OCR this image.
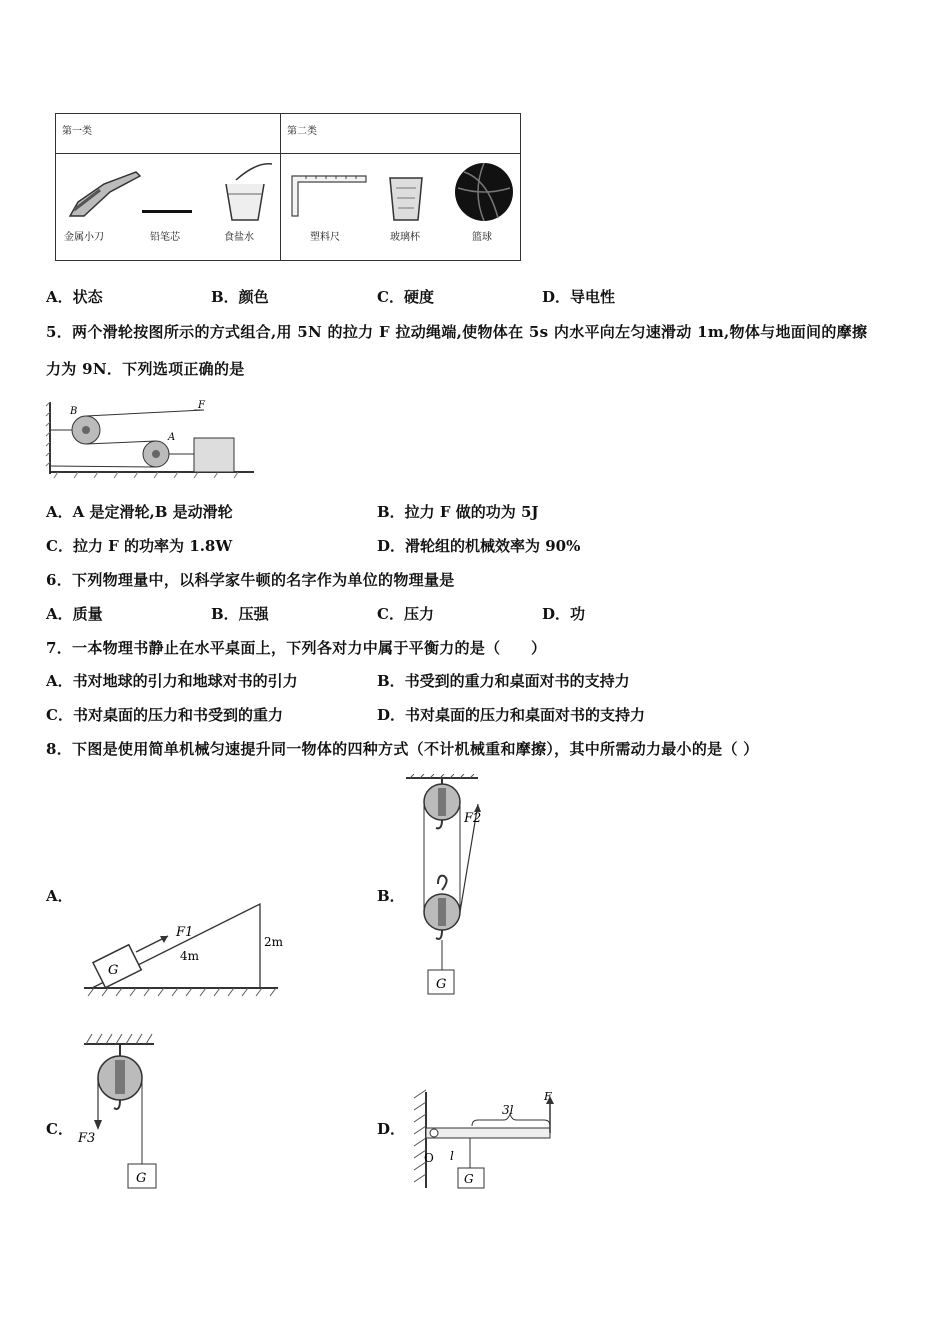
第一类	第二类
金属小刀	铅笔芯	食盐水	塑料尺	玻璃杯	篮球
A．状态	B．颜色	C．硬度	D．导电性
5．两个滑轮按图所示的方式组合,用 5N 的拉力 F 拉动绳端,使物体在 5s 内水平向左匀速滑动 1m,物体与地面间的摩擦
力为 9N．下列选项正确的是
B
A
F
A．A 是定滑轮,B 是动滑轮	B．拉力 F 做的功为 5J
C．拉力 F 的功率为 1.8W	D．滑轮组的机械效率为 90%
6．下列物理量中，以科学家牛顿的名字作为单位的物理量是
A．质量	B．压强	C．压力	D．功
7．一本物理书静止在水平桌面上，下列各对力中属于平衡力的是（　　）
A．书对地球的引力和地球对书的引力	B．书受到的重力和桌面对书的支持力
C．书对桌面的压力和书受到的重力	D．书对桌面的压力和桌面对书的支持力
8．下图是使用简单机械匀速提升同一物体的四种方式（不计机械重和摩擦），其中所需动力最小的是（ ）
A．	B．
C．	D．
G
F1
4m
2m
G
F2
G
F3
G
O l
3l
F
